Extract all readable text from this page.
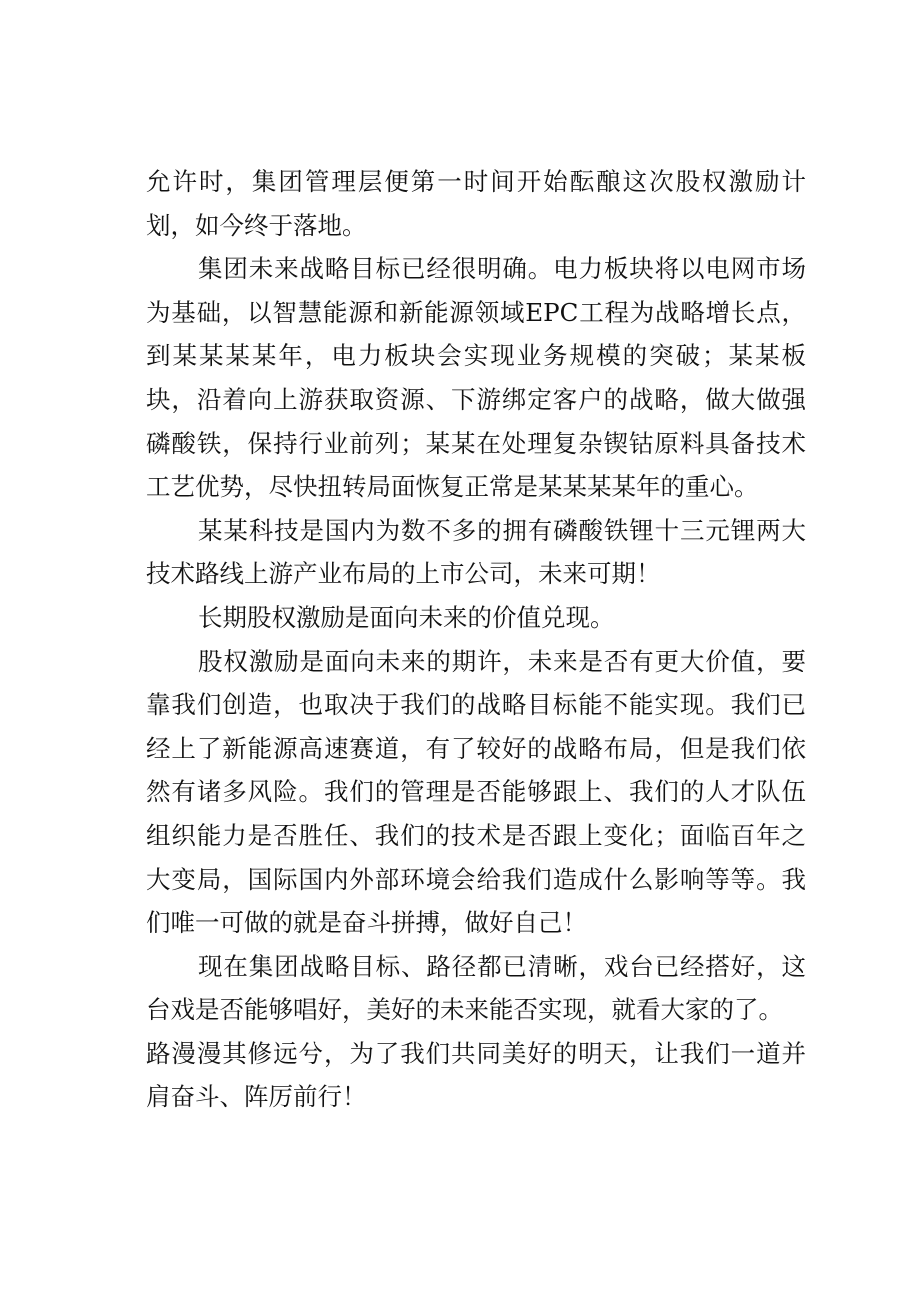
允许时，集团管理层便第一时间开始酝酿这次股权激励计划，如今终于落地。

集团未来战略目标已经很明确。电力板块将以电网市场为基础，以智慧能源和新能源领域EPC工程为战略增长点，到某某某某年，电力板块会实现业务规模的突破；某某板块，沿着向上游获取资源、下游绑定客户的战略，做大做强磷酸铁，保持行业前列；某某在处理复杂锲钴原料具备技术工艺优势，尽快扭转局面恢复正常是某某某某年的重心。

某某科技是国内为数不多的拥有磷酸铁锂十三元锂两大技术路线上游产业布局的上市公司，未来可期！

长期股权激励是面向未来的价值兑现。

股权激励是面向未来的期许，未来是否有更大价值，要靠我们创造，也取决于我们的战略目标能不能实现。我们已经上了新能源高速赛道，有了较好的战略布局，但是我们依然有诸多风险。我们的管理是否能够跟上、我们的人才队伍组织能力是否胜任、我们的技术是否跟上变化；面临百年之大变局，国际国内外部环境会给我们造成什么影响等等。我们唯一可做的就是奋斗拼搏，做好自己！

现在集团战略目标、路径都已清晰，戏台已经搭好，这台戏是否能够唱好，美好的未来能否实现，就看大家的了。

路漫漫其修远兮，为了我们共同美好的明天，让我们一道并肩奋斗、阵厉前行！
